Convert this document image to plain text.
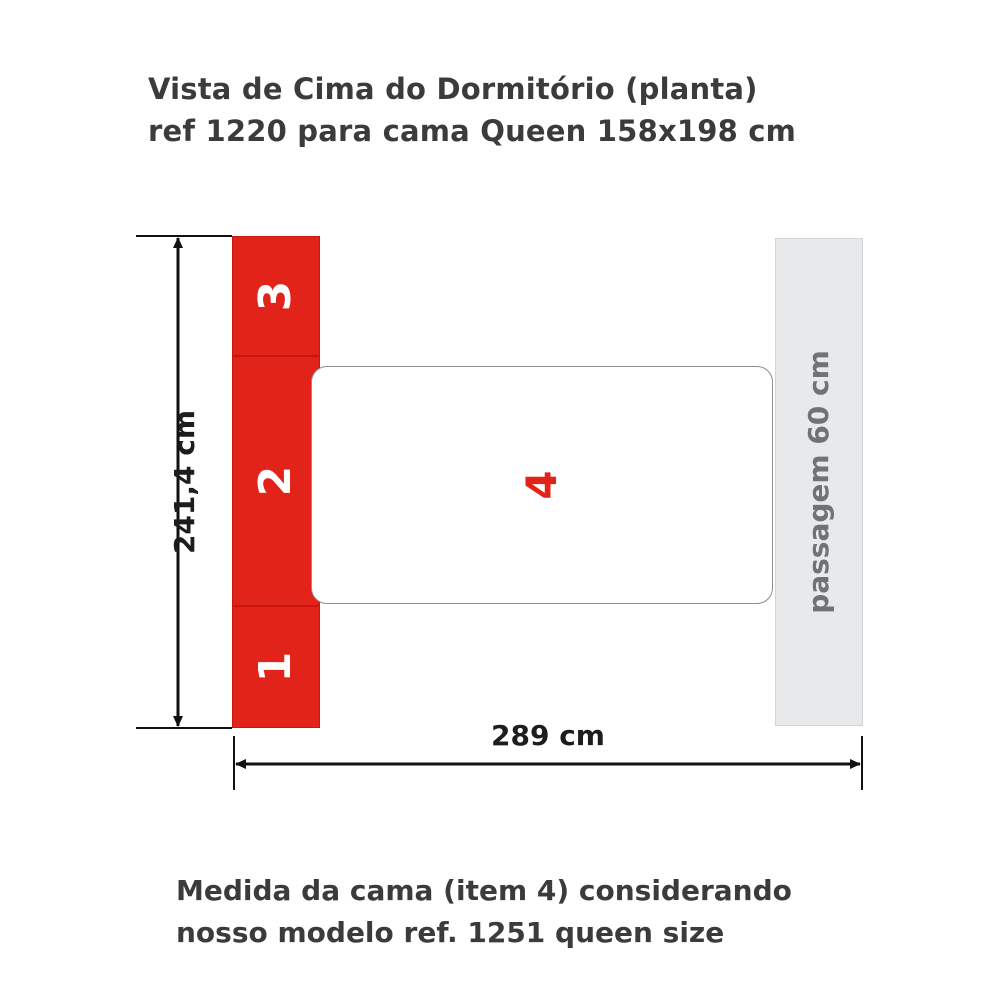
Vista de Cima do Dormitório (planta)
ref 1220 para cama Queen 158x198 cm
3
2
1
4	passagem 60 cm
241,4 cm
289 cm
Medida da cama (item 4) considerando
nosso modelo ref. 1251 queen size
